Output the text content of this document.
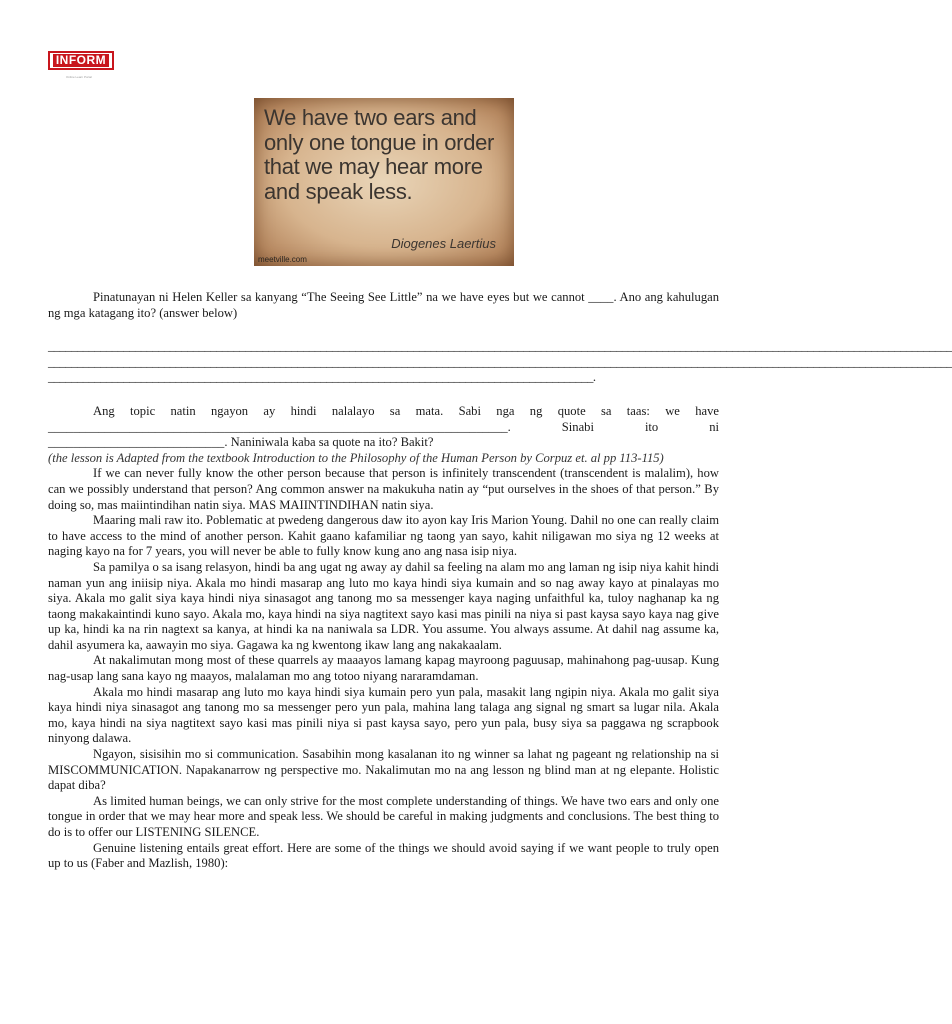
INFORM
Online Learn Portal
We have two ears and only one tongue in order that we may hear more and speak less.
Diogenes Laertius
meetville.com

Pinatunayan ni Helen Keller sa kanyang “The Seeing See Little” na we have eyes but we cannot ____. Ano ang kahulugan ng mga katagang ito? (answer below)

____________________________________________________________________________________________________________________________________________________________

____________________________________________________________________________________________________________________________________________________________

______________________________________________________________________________________________.

Ang topic natin ngayon ay hindi nalalayo sa mata. Sabi nga ng quote sa taas: we have _________________________________________________________________________. Sinabi ito ni ____________________________. Naniniwala kaba sa quote na ito? Bakit?

(the lesson is Adapted from the textbook Introduction to the Philosophy of the Human Person by Corpuz et. al pp 113-115)

If we can never fully know the other person because that person is infinitely transcendent (transcendent is malalim), how can we possibly understand that person? Ang common answer na makukuha natin ay “put ourselves in the shoes of that person.” By doing so, mas maiintindihan natin siya. MAS MAIINTINDIHAN natin siya.

Maaring mali raw ito. Poblematic at pwedeng dangerous daw ito ayon kay Iris Marion Young. Dahil no one can really claim to have access to the mind of another person. Kahit gaano kafamiliar ng taong yan sayo, kahit niligawan mo siya ng 12 weeks at naging kayo na for 7 years, you will never be able to fully know kung ano ang nasa isip niya.

Sa pamilya o sa isang relasyon, hindi ba ang ugat ng away ay dahil sa feeling na alam mo ang laman ng isip niya kahit hindi naman yun ang iniisip niya. Akala mo hindi masarap ang luto mo kaya hindi siya kumain and so nag away kayo at pinalayas mo siya. Akala mo galit siya kaya hindi niya sinasagot ang tanong mo sa messenger kaya naging unfaithful ka, tuloy naghanap ka ng taong makakaintindi kuno sayo. Akala mo, kaya hindi na siya nagtitext sayo kasi mas pinili na niya si past kaysa sayo kaya nag give up ka, hindi ka na rin nagtext sa kanya, at hindi ka na naniwala sa LDR. You assume. You always assume. At dahil nag assume ka, dahil asyumera ka, aawayin mo siya. Gagawa ka ng kwentong ikaw lang ang nakakaalam.

At nakalimutan mong most of these quarrels ay maaayos lamang kapag mayroong paguusap, mahinahong pag-uusap. Kung nag-usap lang sana kayo ng maayos, malalaman mo ang totoo niyang nararamdaman.

Akala mo hindi masarap ang luto mo kaya hindi siya kumain pero yun pala, masakit lang ngipin niya. Akala mo galit siya kaya hindi niya sinasagot ang tanong mo sa messenger pero yun pala, mahina lang talaga ang signal ng smart sa lugar nila. Akala mo, kaya hindi na siya nagtitext sayo kasi mas pinili niya si past kaysa sayo, pero yun pala, busy siya sa paggawa ng scrapbook ninyong dalawa.

Ngayon, sisisihin mo si communication. Sasabihin mong kasalanan ito ng winner sa lahat ng pageant ng relationship na si MISCOMMUNICATION. Napakanarrow ng perspective mo. Nakalimutan mo na ang lesson ng blind man at ng elepante. Holistic dapat diba?

As limited human beings, we can only strive for the most complete understanding of things. We have two ears and only one tongue in order that we may hear more and speak less. We should be careful in making judgments and conclusions. The best thing to do is to offer our LISTENING SILENCE.

Genuine listening entails great effort. Here are some of the things we should avoid saying if we want people to truly open up to us (Faber and Mazlish, 1980):
